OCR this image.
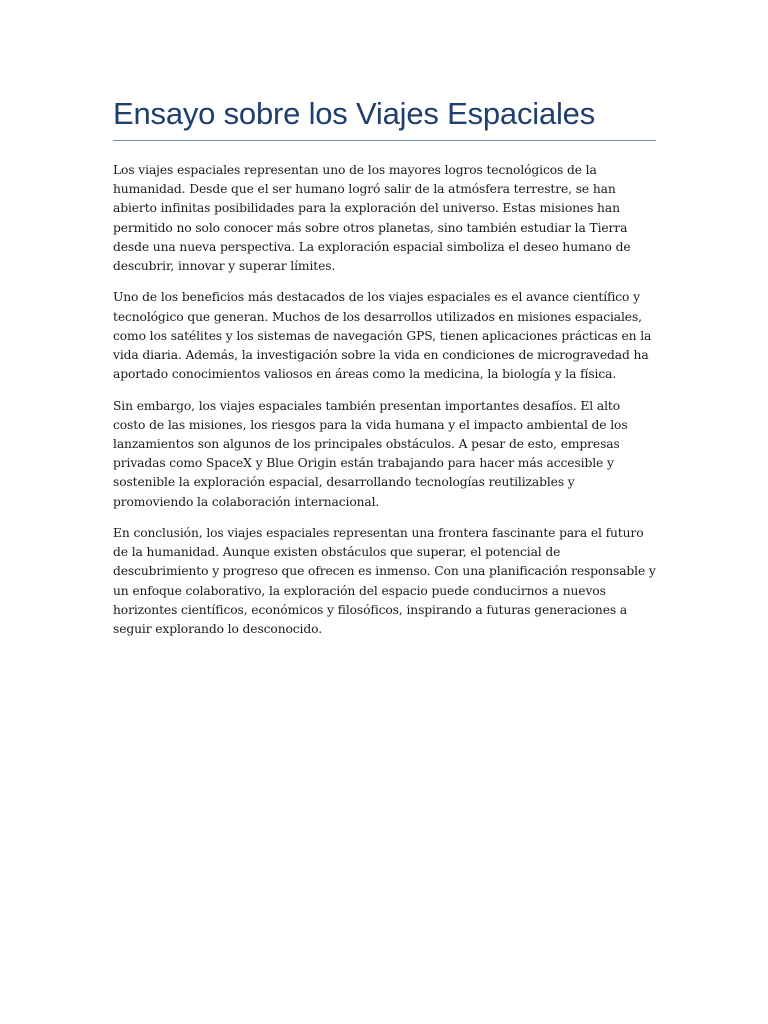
Ensayo sobre los Viajes Espaciales

Los viajes espaciales representan uno de los mayores logros tecnológicos de la humanidad. Desde que el ser humano logró salir de la atmósfera terrestre, se han abierto infinitas posibilidades para la exploración del universo. Estas misiones han permitido no solo conocer más sobre otros planetas, sino también estudiar la Tierra desde una nueva perspectiva. La exploración espacial simboliza el deseo humano de descubrir, innovar y superar límites.

Uno de los beneficios más destacados de los viajes espaciales es el avance científico y tecnológico que generan. Muchos de los desarrollos utilizados en misiones espaciales, como los satélites y los sistemas de navegación GPS, tienen aplicaciones prácticas en la vida diaria. Además, la investigación sobre la vida en condiciones de microgravedad ha aportado conocimientos valiosos en áreas como la medicina, la biología y la física.

Sin embargo, los viajes espaciales también presentan importantes desafíos. El alto costo de las misiones, los riesgos para la vida humana y el impacto ambiental de los lanzamientos son algunos de los principales obstáculos. A pesar de esto, empresas privadas como SpaceX y Blue Origin están trabajando para hacer más accesible y sostenible la exploración espacial, desarrollando tecnologías reutilizables y promoviendo la colaboración internacional.

En conclusión, los viajes espaciales representan una frontera fascinante para el futuro de la humanidad. Aunque existen obstáculos que superar, el potencial de descubrimiento y progreso que ofrecen es inmenso. Con una planificación responsable y un enfoque colaborativo, la exploración del espacio puede conducirnos a nuevos horizontes científicos, económicos y filosóficos, inspirando a futuras generaciones a seguir explorando lo desconocido.
